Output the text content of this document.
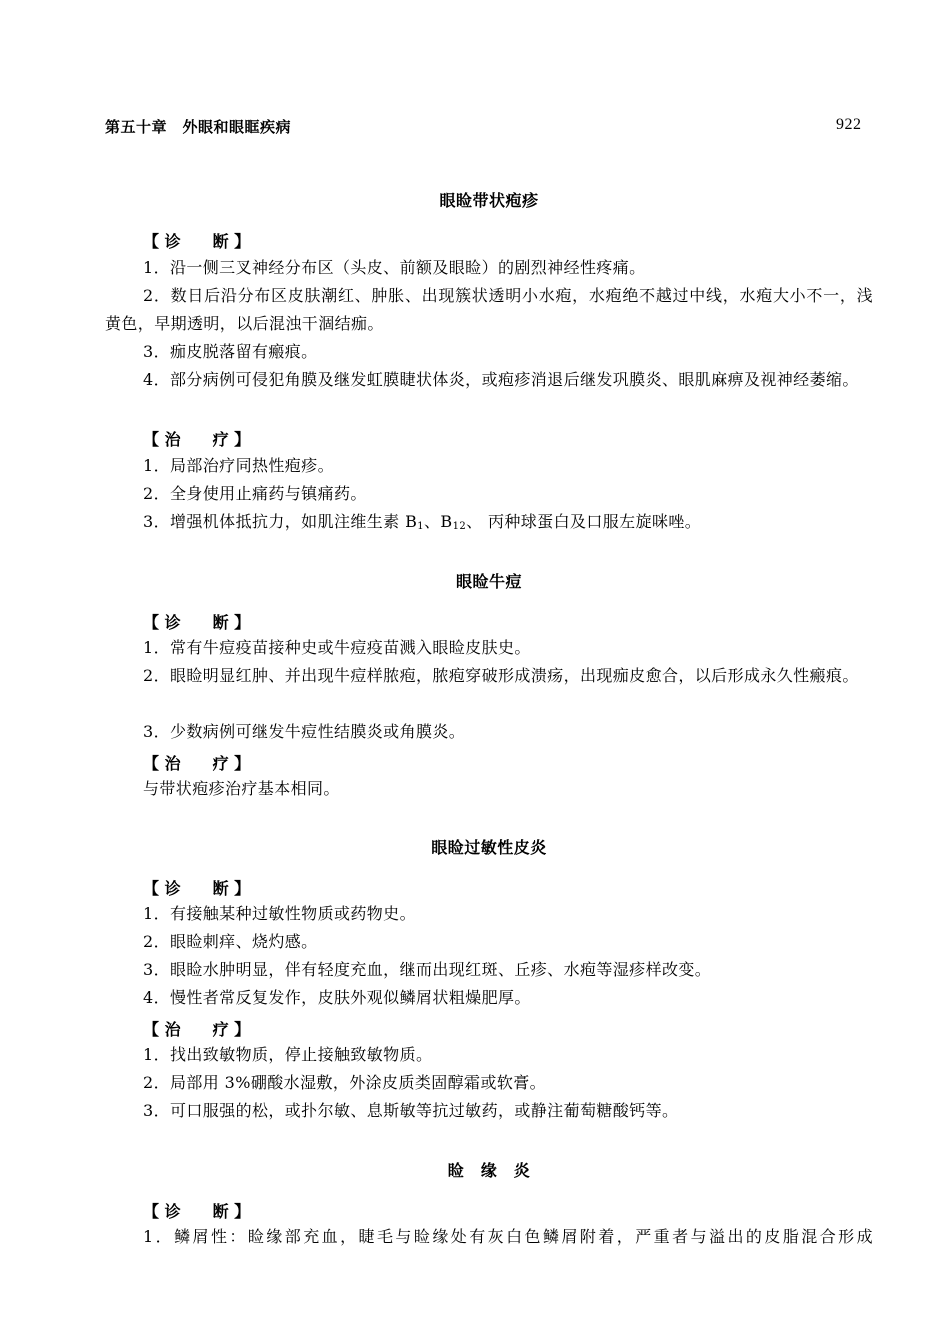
第五十章　外眼和眼眶疾病	922
眼睑带状疱疹
【 诊　　断 】
1．沿一侧三叉神经分布区（头皮、前额及眼睑）的剧烈神经性疼痛。
2．数日后沿分布区皮肤潮红、肿胀、出现簇状透明小水疱，水疱绝不越过中线，水疱大小不一，浅黄色，早期透明，以后混浊干涸结痂。
3．痂皮脱落留有瘢痕。
4．部分病例可侵犯角膜及继发虹膜睫状体炎，或疱疹消退后继发巩膜炎、眼肌麻痹及视神经萎缩。
【 治　　疗 】
1．局部治疗同热性疱疹。
2．全身使用止痛药与镇痛药。
3．增强机体抵抗力，如肌注维生素 $B_1$、$B_{12}$、 丙种球蛋白及口服左旋咪唑。
眼睑牛痘
【 诊　　断 】
1．常有牛痘疫苗接种史或牛痘疫苗溅入眼睑皮肤史。
2．眼睑明显红肿、并出现牛痘样脓疱，脓疱穿破形成溃疡，出现痂皮愈合，以后形成永久性瘢痕。
3．少数病例可继发牛痘性结膜炎或角膜炎。
【 治　　疗 】
与带状疱疹治疗基本相同。
眼睑过敏性皮炎
【 诊　　断 】
1．有接触某种过敏性物质或药物史。
2．眼睑刺痒、烧灼感。
3．眼睑水肿明显，伴有轻度充血，继而出现红斑、丘疹、水疱等湿疹样改变。
4．慢性者常反复发作，皮肤外观似鳞屑状粗燥肥厚。
【 治　　疗 】
1．找出致敏物质，停止接触致敏物质。
2．局部用 3%硼酸水湿敷，外涂皮质类固醇霜或软膏。
3．可口服强的松，或扑尔敏、息斯敏等抗过敏药，或静注葡萄糖酸钙等。
睑　缘　炎
【 诊　　断 】
1．鳞屑性：睑缘部充血，睫毛与睑缘处有灰白色鳞屑附着，严重者与溢出的皮脂混合形成
